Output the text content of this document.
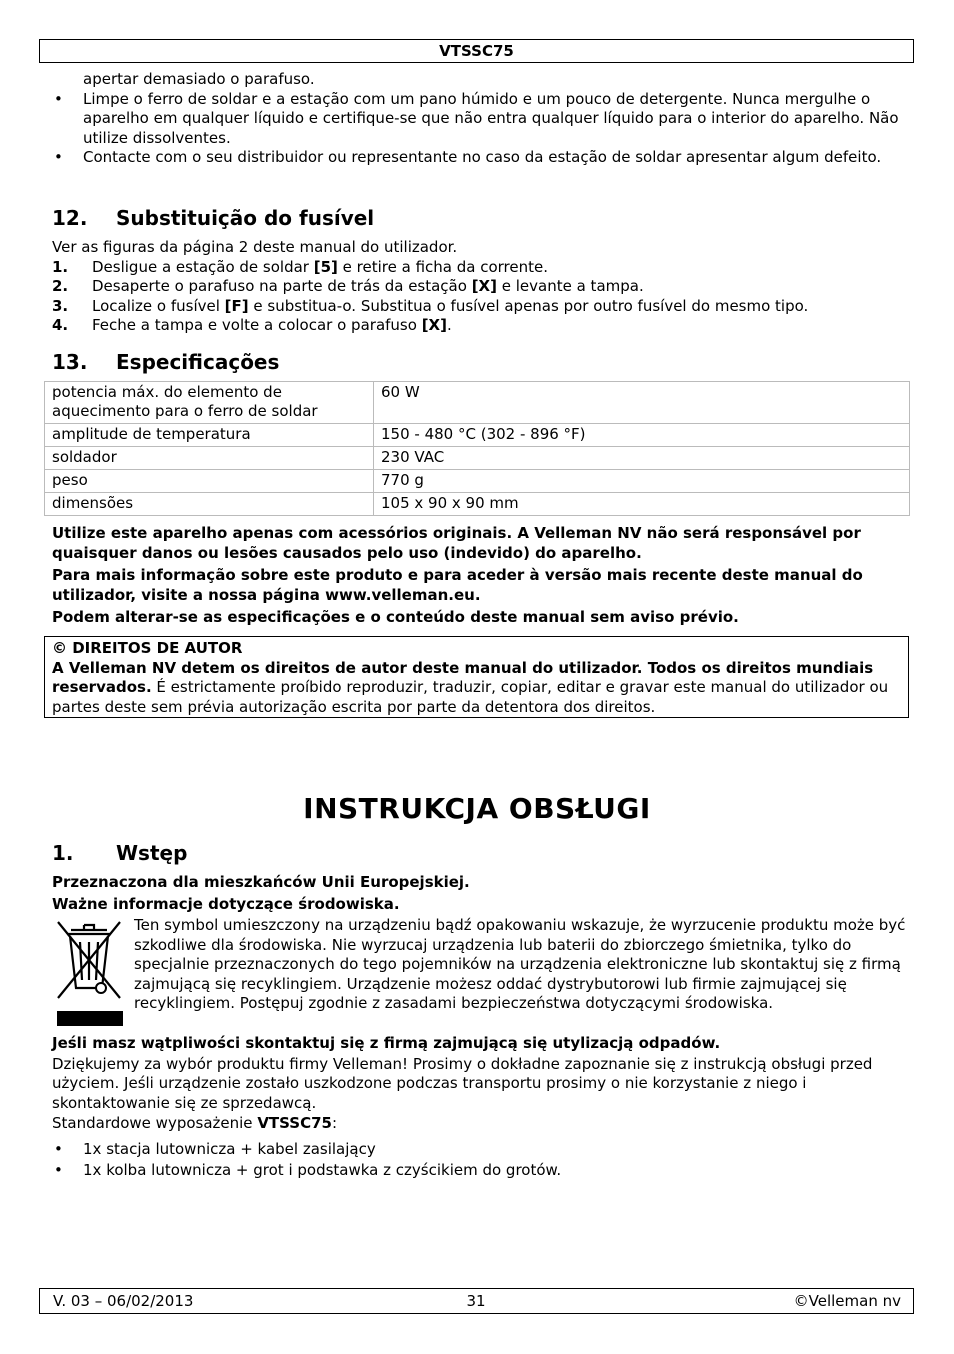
VTSSC75
apertar demasiado o parafuso.
• Limpe o ferro de soldar e a estação com um pano húmido e um pouco de detergente. Nunca mergulhe o aparelho em qualquer líquido e certifique-se que não entra qualquer líquido para o interior do aparelho. Não utilize dissolventes.
• Contacte com o seu distribuidor ou representante no caso da estação de soldar apresentar algum defeito.
12. Substituição do fusível
Ver as figuras da página 2 deste manual do utilizador.
1. Desligue a estação de soldar [5] e retire a ficha da corrente.
2. Desaperte o parafuso na parte de trás da estação [X] e levante a tampa.
3. Localize o fusível [F] e substitua-o. Substitua o fusível apenas por outro fusível do mesmo tipo.
4. Feche a tampa e volte a colocar o parafuso [X].
13. Especificações
potencia máx. do elemento de aquecimento para o ferro de soldar	60 W
amplitude de temperatura	150 - 480 °C (302 - 896 °F)
soldador	230 VAC
peso	770 g
dimensões	105 x 90 x 90 mm

Utilize este aparelho apenas com acessórios originais. A Velleman NV não será responsável por quaisquer danos ou lesões causados pelo uso (indevido) do aparelho.

Para mais informação sobre este produto e para aceder à versão mais recente deste manual do utilizador, visite a nossa página www.velleman.eu.

Podem alterar-se as especificações e o conteúdo deste manual sem aviso prévio.

© DIREITOS DE AUTOR
A Velleman NV detem os direitos de autor deste manual do utilizador. Todos os direitos mundiais reservados. É estrictamente proíbido reproduzir, traduzir, copiar, editar e gravar este manual do utilizador ou partes deste sem prévia autorização escrita por parte da detentora dos direitos.
INSTRUKCJA OBSŁUGI
1. Wstęp
Przeznaczona dla mieszkańców Unii Europejskiej.
Ważne informacje dotyczące środowiska.
Ten symbol umieszczony na urządzeniu bądź opakowaniu wskazuje, że wyrzucenie produktu może być szkodliwe dla środowiska. Nie wyrzucaj urządzenia lub baterii do zbiorczego śmietnika, tylko do specjalnie przeznaczonych do tego pojemników na urządzenia elektroniczne lub skontaktuj się z firmą zajmującą się recyklingiem. Urządzenie możesz oddać dystrybutorowi lub firmie zajmującej się recyklingiem. Postępuj zgodnie z zasadami bezpieczeństwa dotyczącymi środowiska.
Jeśli masz wątpliwości skontaktuj się z firmą zajmującą się utylizacją odpadów.
Dziękujemy za wybór produktu firmy Velleman! Prosimy o dokładne zapoznanie się z instrukcją obsługi przed użyciem. Jeśli urządzenie zostało uszkodzone podczas transportu prosimy o nie korzystanie z niego i skontaktowanie się ze sprzedawcą.
Standardowe wyposażenie VTSSC75:
• 1x stacja lutownicza + kabel zasilający
• 1x kolba lutownicza + grot i podstawka z czyścikiem do grotów.
V. 03 – 06/02/2013	31	©Velleman nv
